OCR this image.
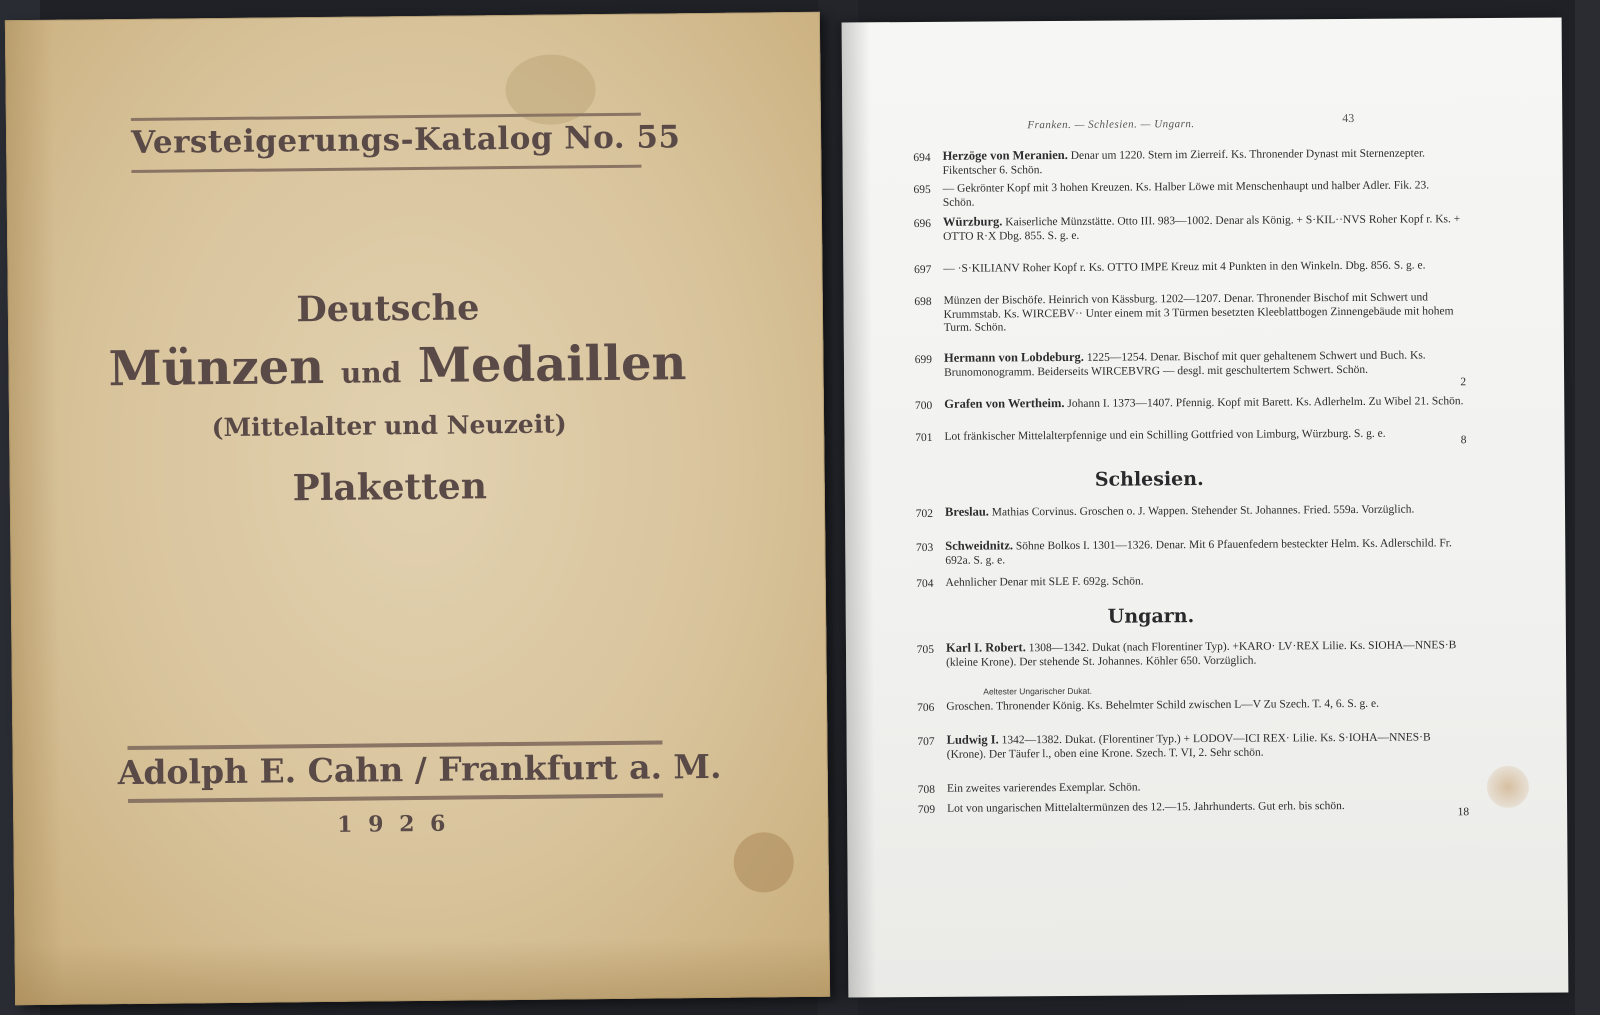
Versteigerungs-Katalog No. 55
Deutsche
Münzen und Medaillen
(Mittelalter und Neuzeit)
Plaketten
Adolph E. Cahn / Frankfurt a. M.
1 9 2 6
Franken. — Schlesien. — Ungarn.	43
694 Herzöge von Meranien. Denar um 1220. Stern im Zierreif. Ks. Thronender Dynast mit Sternenzepter. Fikentscher 6. Schön.
695 — Gekrönter Kopf mit 3 hohen Kreuzen. Ks. Halber Löwe mit Menschenhaupt und halber Adler. Fik. 23. Schön.
696 Würzburg. Kaiserliche Münzstätte. Otto III. 983—1002. Denar als König. + S·KIL··NVS Roher Kopf r. Ks. + OTTO R·X Dbg. 855. S. g. e.
697 — ·S·KILIANV Roher Kopf r. Ks. OTTO IMPE Kreuz mit 4 Punkten in den Winkeln. Dbg. 856. S. g. e.
698 Münzen der Bischöfe. Heinrich von Kässburg. 1202—1207. Denar. Thronender Bischof mit Schwert und Krummstab. Ks. WIRCEBV·· Unter einem mit 3 Türmen besetzten Kleeblattbogen Zinnengebäude mit hohem Turm. Schön.
699 Hermann von Lobdeburg. 1225—1254. Denar. Bischof mit quer gehaltenem Schwert und Buch. Ks. Brunomonogramm. Beiderseits WIRCEBVRG — desgl. mit geschultertem Schwert. Schön.
2
700 Grafen von Wertheim. Johann I. 1373—1407. Pfennig. Kopf mit Barett. Ks. Adlerhelm. Zu Wibel 21. Schön.
701 Lot fränkischer Mittelalterpfennige und ein Schilling Gottfried von Limburg, Würzburg. S. g. e.	8
Schlesien.
702 Breslau. Mathias Corvinus. Groschen o. J. Wappen. Stehender St. Johannes. Fried. 559a. Vorzüglich.
703 Schweidnitz. Söhne Bolkos I. 1301—1326. Denar. Mit 6 Pfauenfedern besteckter Helm. Ks. Adlerschild. Fr. 692a. S. g. e.
704 Aehnlicher Denar mit SLE F. 692g. Schön.
Ungarn.
705 Karl I. Robert. 1308—1342. Dukat (nach Florentiner Typ). +KARO· LV·REX Lilie. Ks. SIOHA—NNES·B (kleine Krone). Der stehende St. Johannes. Köhler 650. Vorzüglich.
Aeltester Ungarischer Dukat.
706 Groschen. Thronender König. Ks. Behelmter Schild zwischen L—V Zu Szech. T. 4, 6. S. g. e.
707 Ludwig I. 1342—1382. Dukat. (Florentiner Typ.) + LODOV—ICI REX· Lilie. Ks. S·IOHA—NNES·B (Krone). Der Täufer l., oben eine Krone. Szech. T. VI, 2. Sehr schön.
708 Ein zweites varierendes Exemplar. Schön.
709 Lot von ungarischen Mittelaltermünzen des 12.—15. Jahrhunderts. Gut erh. bis schön.	18
